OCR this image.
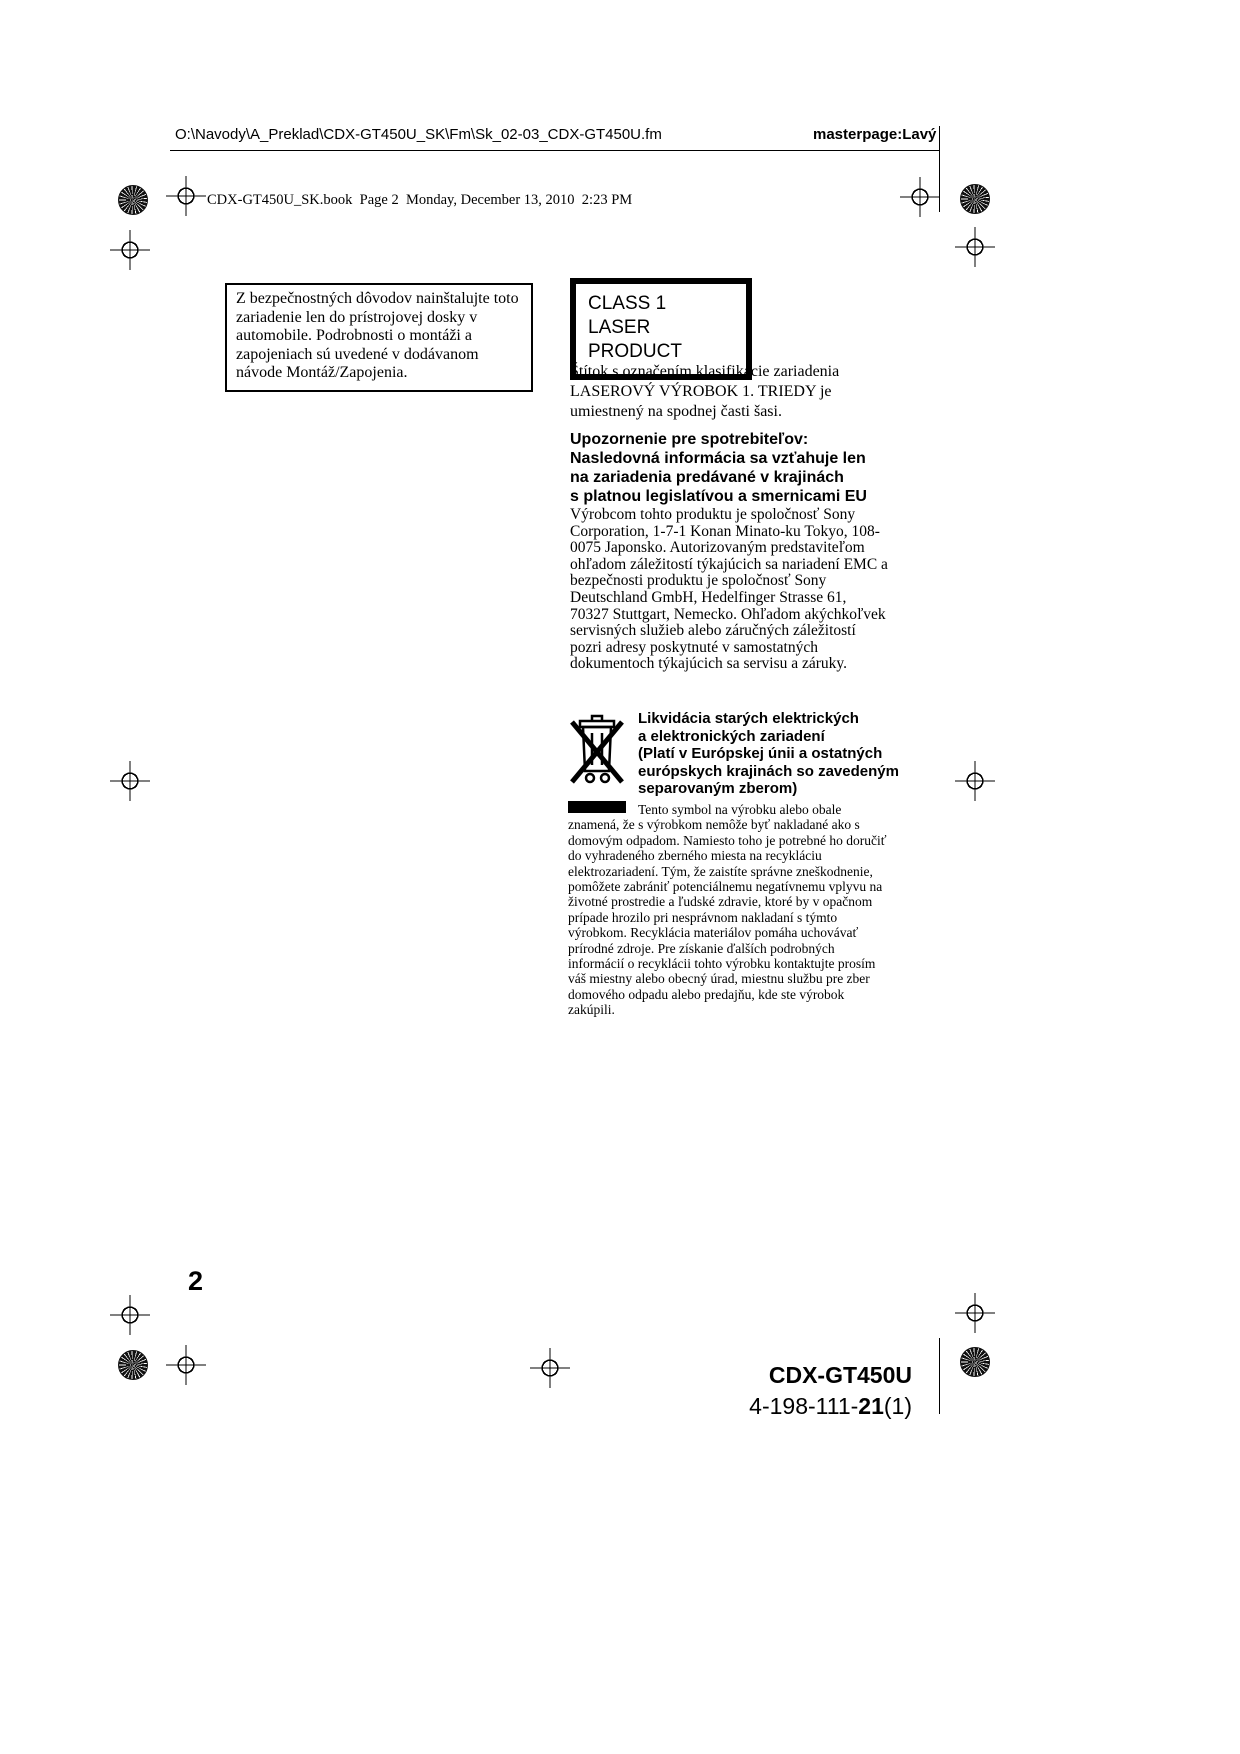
O:\Navody\A_Preklad\CDX-GT450U_SK\Fm\Sk_02-03_CDX-GT450U.fm	masterpage:Lavý
CDX-GT450U_SK.book  Page 2  Monday, December 13, 2010  2:23 PM
Z bezpečnostných dôvodov nainštalujte toto zariadenie len do prístrojovej dosky v automobile. Podrobnosti o montáži a zapojeniach sú uvedené v dodávanom návode Montáž/Zapojenia.
CLASS 1
LASER PRODUCT
Štítok s označením klasifikácie zariadenia LASEROVÝ VÝROBOK 1. TRIEDY je umiestnený na spodnej časti šasi.
Upozornenie pre spotrebiteľov:
Nasledovná informácia sa vzťahuje len
na zariadenia predávané v krajinách
s platnou legislatívou a smernicami EU
Výrobcom tohto produktu je spoločnosť Sony Corporation, 1-7-1 Konan Minato-ku Tokyo, 108-0075 Japonsko. Autorizovaným predstaviteľom ohľadom záležitostí týkajúcich sa nariadení EMC a bezpečnosti produktu je spoločnosť Sony Deutschland GmbH, Hedelfinger Strasse 61, 70327 Stuttgart, Nemecko. Ohľadom akýchkoľvek servisných služieb alebo záručných záležitostí pozri adresy poskytnuté v samostatných dokumentoch týkajúcich sa servisu a záruky.
Likvidácia starých elektrických
a elektronických zariadení
(Platí v Európskej únii a ostatných
európskych krajinách so zavedeným
separovaným zberom)
Tento symbol na výrobku alebo obale znamená, že s výrobkom nemôže byť nakladané ako s domovým odpadom. Namiesto toho je potrebné ho doručiť do vyhradeného zberného miesta na recykláciu elektrozariadení. Tým, že zaistíte správne zneškodnenie, pomôžete zabrániť potenciálnemu negatívnemu vplyvu na životné prostredie a ľudské zdravie, ktoré by v opačnom prípade hrozilo pri nesprávnom nakladaní s týmto výrobkom. Recyklácia materiálov pomáha uchovávať prírodné zdroje. Pre získanie ďalších podrobných informácií o recyklácii tohto výrobku kontaktujte prosím váš miestny alebo obecný úrad, miestnu službu pre zber domového odpadu alebo predajňu, kde ste výrobok zakúpili.
2
CDX-GT450U
4-198-111-21(1)
